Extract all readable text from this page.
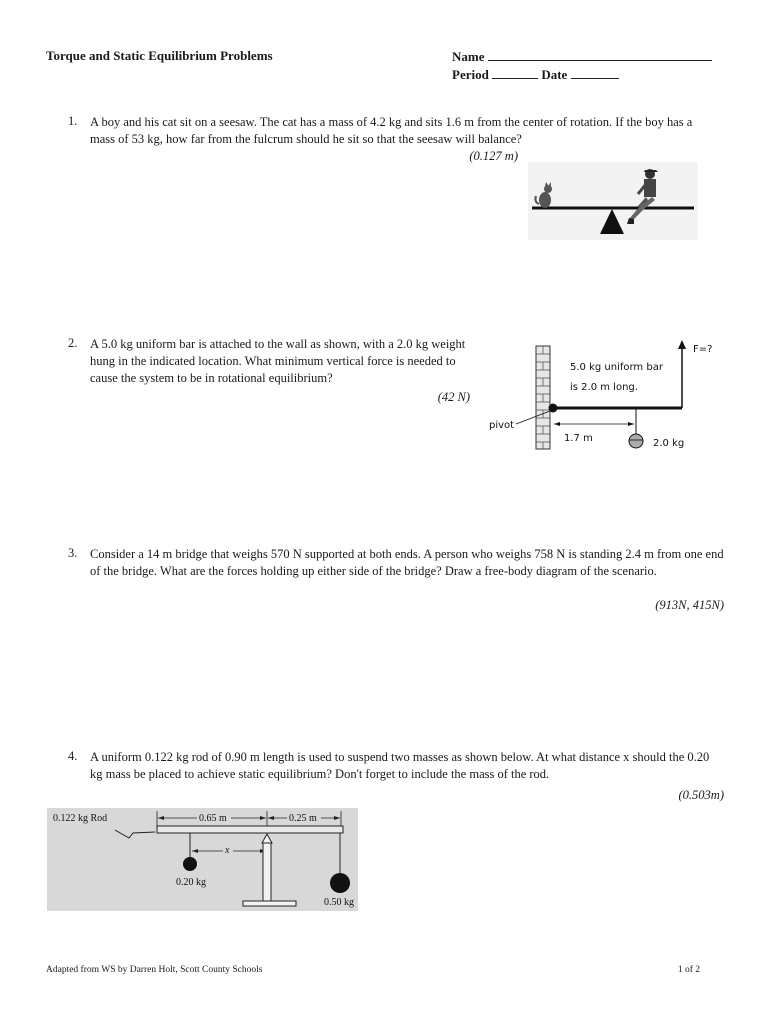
Torque and Static Equilibrium Problems	Name
Period	Date
1. A boy and his cat sit on a seesaw. The cat has a mass of 4.2 kg and sits 1.6 m from the center of rotation. If the boy has a mass of 53 kg, how far from the fulcrum should he sit so that the seesaw will balance?
(0.127 m)
2. A 5.0 kg uniform bar is attached to the wall as shown, with a 2.0 kg weight hung in the indicated location. What minimum vertical force is needed to cause the system to be in rotational equilibrium?
(42 N)
F=?
5.0 kg uniform bar
is 2.0 m long.
pivot
1.7 m	2.0 kg
3. Consider a 14 m bridge that weighs 570 N supported at both ends. A person who weighs 758 N is standing 2.4 m from one end of the bridge. What are the forces holding up either side of the bridge? Draw a free-body diagram of the scenario.
(913N, 415N)
4. A uniform 0.122 kg rod of 0.90 m length is used to suspend two masses as shown below. At what distance x should the 0.20 kg mass be placed to achieve static equilibrium? Don't forget to include the mass of the rod.
(0.503m)
0.122 kg Rod	0.65 m	0.25 m
0.20 kg
0.50 kg
x
Adapted from WS by Darren Holt, Scott County Schools	1 of 2
